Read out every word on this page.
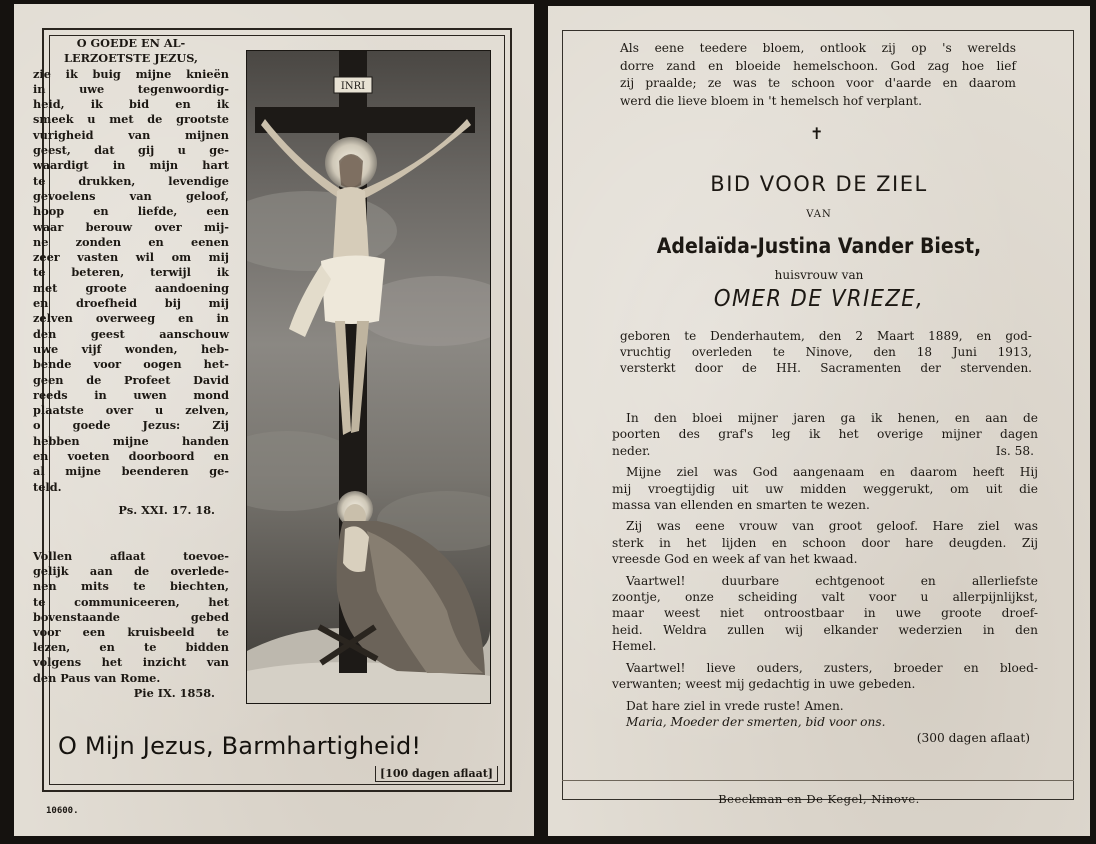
O GOEDE EN AL-
LERZOETSTE JEZUS,
zie ik buig mijne knieën
in uwe tegenwoordig-
heid, ik bid en ik
smeek u met de grootste
vurigheid van mijnen
geest, dat gij u ge-
waardigt in mijn hart
te drukken, levendige
gevoelens van geloof,
hoop en liefde, een
waar berouw over mij-
ne zonden en eenen
zeer vasten wil om mij
te beteren, terwijl ik
met groote aandoening
en droefheid bij mij
zelven overweeg en in
den geest aanschouw
uwe vijf wonden, heb-
bende voor oogen het-
geen de Profeet David
reeds in uwen mond
plaatste over u zelven,
o goede Jezus: Zij
hebben mijne handen
en voeten doorboord en
al mijne beenderen ge-
teld.
Ps. XXI. 17. 18.
Vollen aflaat toevoe-
gelijk aan de overlede-
nen mits te biechten,
te communiceeren, het
bovenstaande gebed
voor een kruisbeeld te
lezen, en te bidden
volgens het inzicht van
den Paus van Rome.
Pie IX. 1858.
INRI
O Mijn Jezus, Barmhartigheid!
[100 dagen aflaat]
10600.
Als eene teedere bloem, ontlook zij op 's werelds
dorre zand en bloeide hemelschoon. God zag hoe lief
zij praalde; ze was te schoon voor d'aarde en daarom
werd die lieve bloem in 't hemelsch hof verplant.
✝
BID VOOR DE ZIEL
VAN
Adelaïda-Justina Vander Biest,
huisvrouw van
OMER DE VRIEZE,
geboren te Denderhautem, den 2 Maart 1889, en god-
vruchtig overleden te Ninove, den 18 Juni 1913,
versterkt door de HH. Sacramenten der stervenden.
In den bloei mijner jaren ga ik henen, en aan de
poorten des graf's leg ik het overige mijner dagen
neder.	Is. 58.
Mijne ziel was God aangenaam en daarom heeft Hij
mij vroegtijdig uit uw midden weggerukt, om uit die
massa van ellenden en smarten te wezen.
Zij was eene vrouw van groot geloof. Hare ziel was
sterk in het lijden en schoon door hare deugden. Zij
vreesde God en week af van het kwaad.
Vaartwel! duurbare echtgenoot en allerliefste
zoontje, onze scheiding valt voor u allerpijnlijkst,
maar weest niet ontroostbaar in uwe groote droef-
heid. Weldra zullen wij elkander wederzien in den
Hemel.
Vaartwel! lieve ouders, zusters, broeder en bloed-
verwanten; weest mij gedachtig in uwe gebeden.
Dat hare ziel in vrede ruste! Amen.
Maria, Moeder der smerten, bid voor ons.
(300 dagen aflaat)
Beeckman en De Kegel, Ninove.
